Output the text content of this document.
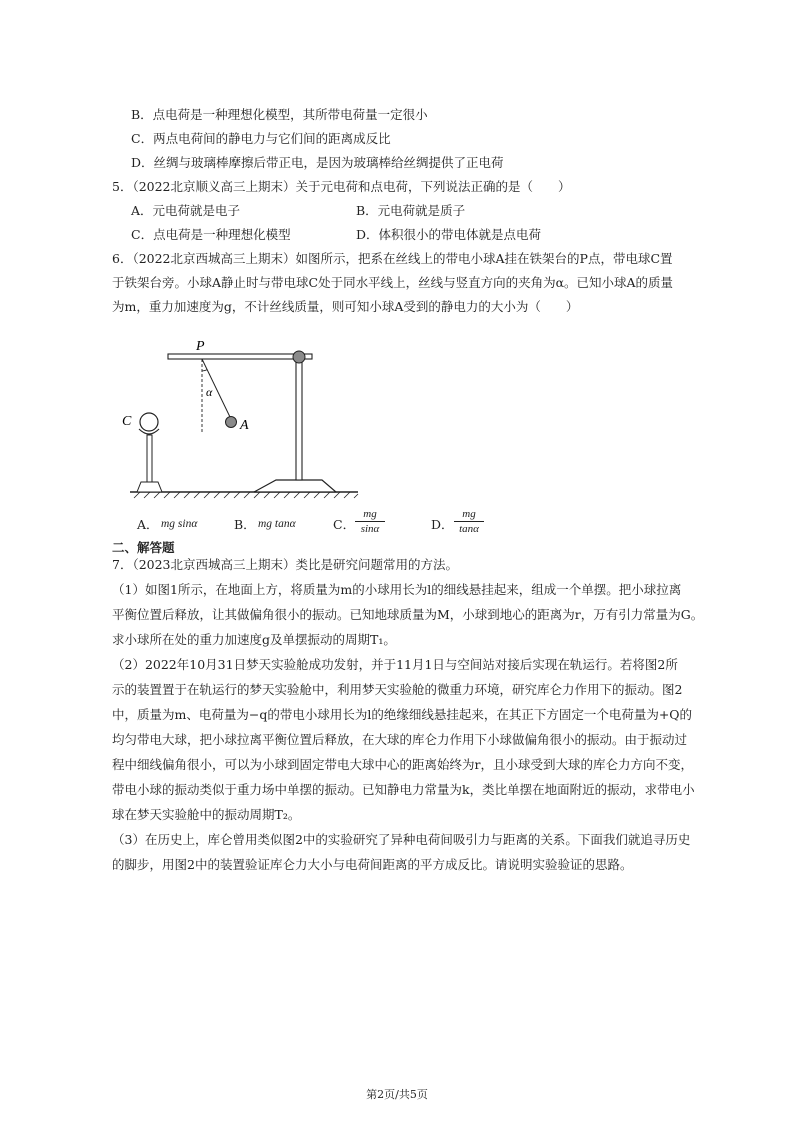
B．点电荷是一种理想化模型，其所带电荷量一定很小
C．两点电荷间的静电力与它们间的距离成反比
D．丝绸与玻璃棒摩擦后带正电，是因为玻璃棒给丝绸提供了正电荷
5．（2022北京顺义高三上期末）关于元电荷和点电荷，下列说法正确的是（　　）
A．元电荷就是电子	B．元电荷就是质子
C．点电荷是一种理想化模型	D．体积很小的带电体就是点电荷
6．（2022北京西城高三上期末）如图所示，把系在丝线上的带电小球A挂在铁架台的P点，带电球C置
于铁架台旁。小球A静止时与带电球C处于同水平线上，丝线与竖直方向的夹角为α。已知小球A的质量
为m，重力加速度为g，不计丝线质量，则可知小球A受到的静电力的大小为（　　）
P
α
A
C
A． mg sinα	B． mg tanα	C．
mg
sinα	D．
mg
tanα
二、解答题
7．（2023北京西城高三上期末）类比是研究问题常用的方法。
（1）如图1所示，在地面上方，将质量为m的小球用长为l的细线悬挂起来，组成一个单摆。把小球拉离
平衡位置后释放，让其做偏角很小的振动。已知地球质量为M，小球到地心的距离为r，万有引力常量为G。
求小球所在处的重力加速度g及单摆振动的周期T₁。
（2）2022年10月31日梦天实验舱成功发射，并于11月1日与空间站对接后实现在轨运行。若将图2所
示的装置置于在轨运行的梦天实验舱中，利用梦天实验舱的微重力环境，研究库仑力作用下的振动。图2
中，质量为m、电荷量为−q的带电小球用长为l的绝缘细线悬挂起来，在其正下方固定一个电荷量为+Q的
均匀带电大球，把小球拉离平衡位置后释放，在大球的库仑力作用下小球做偏角很小的振动。由于振动过
程中细线偏角很小，可以为小球到固定带电大球中心的距离始终为r，且小球受到大球的库仑力方向不变，
带电小球的振动类似于重力场中单摆的振动。已知静电力常量为k，类比单摆在地面附近的振动，求带电小
球在梦天实验舱中的振动周期T₂。
（3）在历史上，库仑曾用类似图2中的实验研究了异种电荷间吸引力与距离的关系。下面我们就追寻历史
的脚步，用图2中的装置验证库仑力大小与电荷间距离的平方成反比。请说明实验验证的思路。
第2页/共5页
